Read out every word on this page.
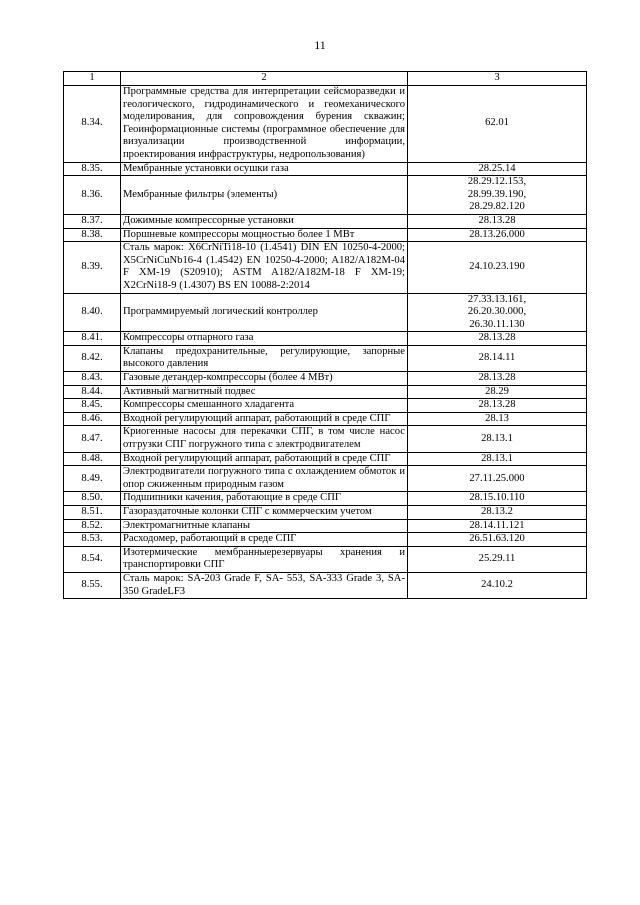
11
1	2	3
8.34.	Программные средства для интерпретации сейсморазведки и геологического, гидродинамического и геомеханического моделирования, для сопровождения бурения скважин; Геоинформационные системы (программное обеспечение для визуализации производственной информации, проектирования инфраструктуры, недропользования)	62.01

8.35.	Мембранные установки осушки газа	28.25.14

8.36.	Мембранные фильтры (элементы)	28.29.12.153,
28.99.39.190,
28.29.82.120

8.37.	Дожимные компрессорные установки	28.13.28

8.38.	Поршневые компрессоры мощностью более 1 МВт	28.13.26.000

8.39.	Сталь марок: X6CrNiTi18-10 (1.4541) DIN EN 10250-4-2000; X5CrNiCuNb16-4 (1.4542) EN 10250-4-2000; A182/A182M-04 F XM-19 (S20910); ASTM A182/A182M-18 F XM-19; X2CrNi18-9 (1.4307) BS EN 10088-2:2014	24.10.23.190

8.40.	Программируемый логический контроллер	27.33.13.161,
26.20.30.000,
26.30.11.130

8.41.	Компрессоры отпарного газа	28.13.28

8.42.	Клапаны предохранительные, регулирующие, запорные высокого давления	28.14.11

8.43.	Газовые детандер-компрессоры (более 4 МВт)	28.13.28

8.44.	Активный магнитный подвес	28.29

8.45.	Компрессоры смешанного хладагента	28.13.28

8.46.	Входной регулирующий аппарат, работающий в среде СПГ	28.13

8.47.	Криогенные насосы для перекачки СПГ, в том числе насос отгрузки СПГ погружного типа с электродвигателем	28.13.1

8.48.	Входной регулирующий аппарат, работающий в среде СПГ	28.13.1

8.49.	Электродвигатели погружного типа с охлаждением обмоток и опор сжиженным природным газом	27.11.25.000

8.50.	Подшипники качения, работающие в среде СПГ	28.15.10.110

8.51.	Газораздаточные колонки СПГ с коммерческим учетом	28.13.2

8.52.	Электромагнитные клапаны	28.14.11.121

8.53.	Расходомер, работающий в среде СПГ	26.51.63.120

8.54.	Изотермические мембранныерезервуары хранения и транспортировки СПГ	25.29.11

8.55.	Сталь марок: SA-203 Grade F, SA- 553, SA-333 Grade 3, SA-350 GradeLF3	24.10.2
